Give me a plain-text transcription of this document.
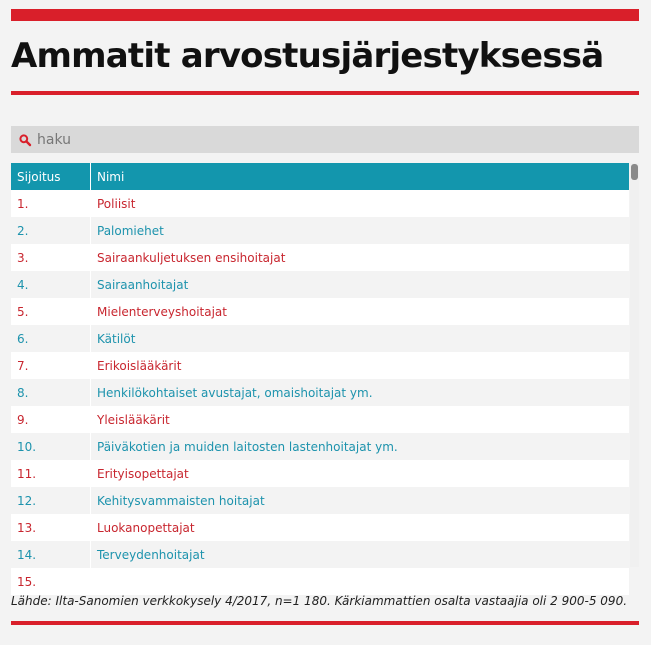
Ammatit arvostusjärjestyksessä
haku
Sijoitus	Nimi
1.	Poliisit
2.	Palomiehet
3.	Sairaankuljetuksen ensihoitajat
4.	Sairaanhoitajat
5.	Mielenterveyshoitajat
6.	Kätilöt
7.	Erikoislääkärit
8.	Henkilökohtaiset avustajat, omaishoitajat ym.
9.	Yleislääkärit
10.	Päiväkotien ja muiden laitosten lastenhoitajat ym.
11.	Erityisopettajat
12.	Kehitysvammaisten hoitajat
13.	Luokanopettajat
14.	Terveydenhoitajat
15.	
Lähde: Ilta-Sanomien verkkokysely 4/2017, n=1 180. Kärkiammattien osalta vastaajia oli 2 900-5 090.
